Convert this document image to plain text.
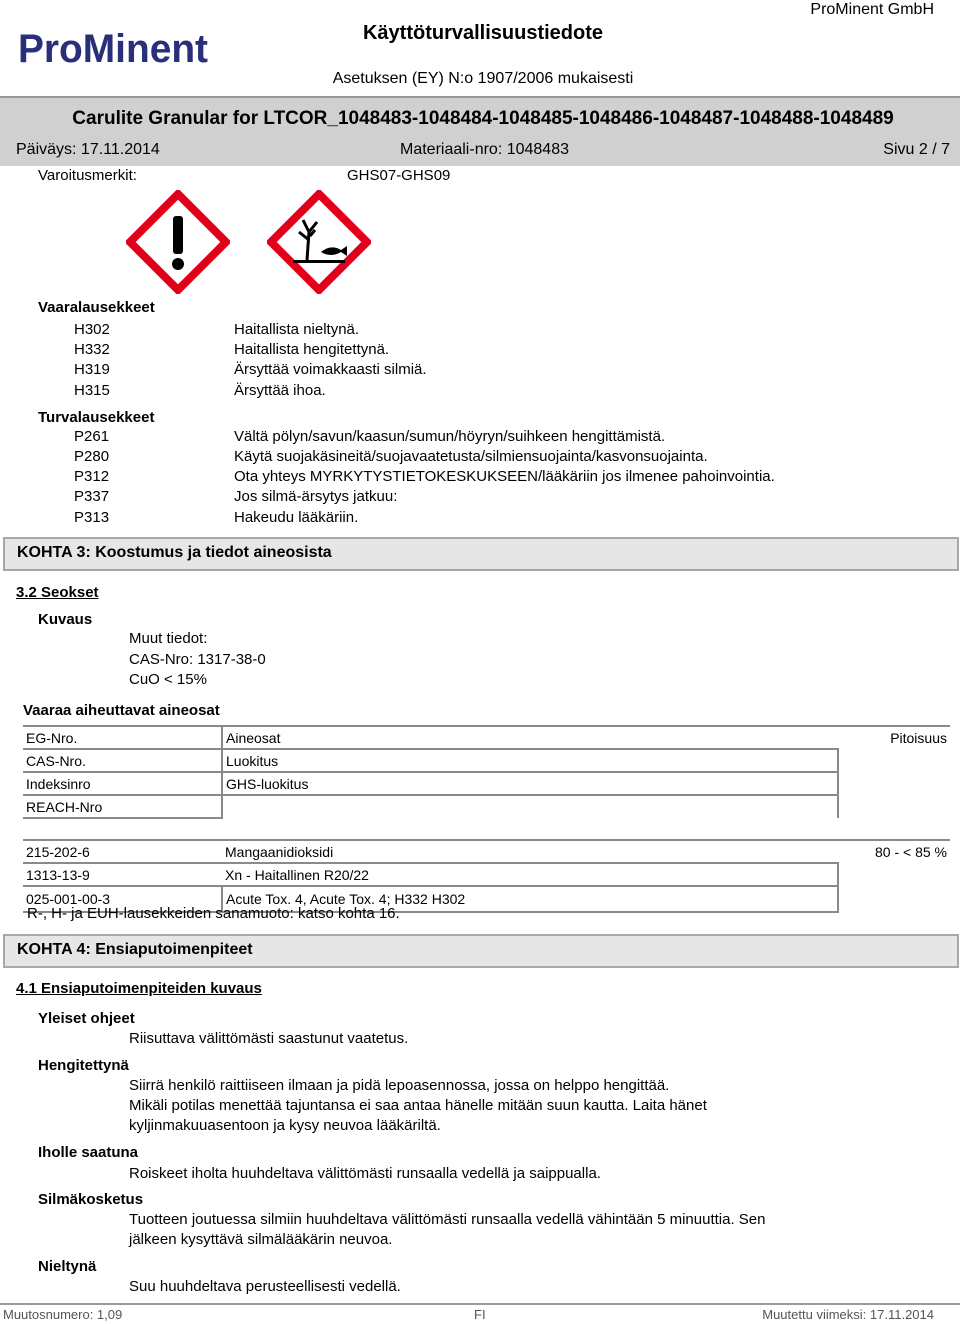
ProMinent	Käyttöturvallisuustiedote
ProMinent GmbH
Asetuksen (EY) N:o 1907/2006 mukaisesti
Carulite Granular for LTCOR_1048483-1048484-1048485-1048486-1048487-1048488-1048489
Päiväys: 17.11.2014	Materiaali-nro: 1048483	Sivu 2 / 7
Varoitusmerkit:	GHS07-GHS09
Vaaralausekkeet
H302	Haitallista nieltynä.
H332	Haitallista hengitettynä.
H319	Ärsyttää voimakkaasti silmiä.
H315	Ärsyttää ihoa.
Turvalausekkeet
P261	Vältä pölyn/savun/kaasun/sumun/höyryn/suihkeen hengittämistä.
P280	Käytä suojakäsineitä/suojavaatetusta/silmiensuojainta/kasvonsuojainta.
P312	Ota yhteys MYRKYTYSTIETOKESKUKSEEN/lääkäriin jos ilmenee pahoinvointia.
P337	Jos silmä-ärsytys jatkuu:
P313	Hakeudu lääkäriin.
KOHTA 3: Koostumus ja tiedot aineosista
3.2 Seokset
Kuvaus
Muut tiedot:
CAS-Nro: 1317-38-0
CuO < 15%
Vaaraa aiheuttavat aineosat
EG-Nro.	Aineosat	Pitoisuus
CAS-Nro.	Luokitus	
Indeksinro	GHS-luokitus	
REACH-Nro		

215-202-6	Mangaanidioksidi	80 - < 85 %
1313-13-9	Xn - Haitallinen R20/22	
025-001-00-3	Acute Tox. 4, Acute Tox. 4; H332 H302	
R-, H- ja EUH-lausekkeiden sanamuoto: katso kohta 16.
KOHTA 4: Ensiaputoimenpiteet
4.1 Ensiaputoimenpiteiden kuvaus
Yleiset ohjeet
Riisuttava välittömästi saastunut vaatetus.
Hengitettynä
Siirrä henkilö raittiiseen ilmaan ja pidä lepoasennossa, jossa on helppo hengittää.
Mikäli potilas menettää tajuntansa ei saa antaa hänelle mitään suun kautta. Laita hänet
kyljinmakuuasentoon ja kysy neuvoa lääkäriltä.
Iholle saatuna
Roiskeet iholta huuhdeltava välittömästi runsaalla vedellä ja saippualla.
Silmäkosketus
Tuotteen joutuessa silmiin huuhdeltava välittömästi runsaalla vedellä vähintään 5 minuuttia. Sen
jälkeen kysyttävä silmälääkärin neuvoa.
Nieltynä
Suu huuhdeltava perusteellisesti vedellä.
Muutosnumero: 1,09	FI	Muutettu viimeksi: 17.11.2014
